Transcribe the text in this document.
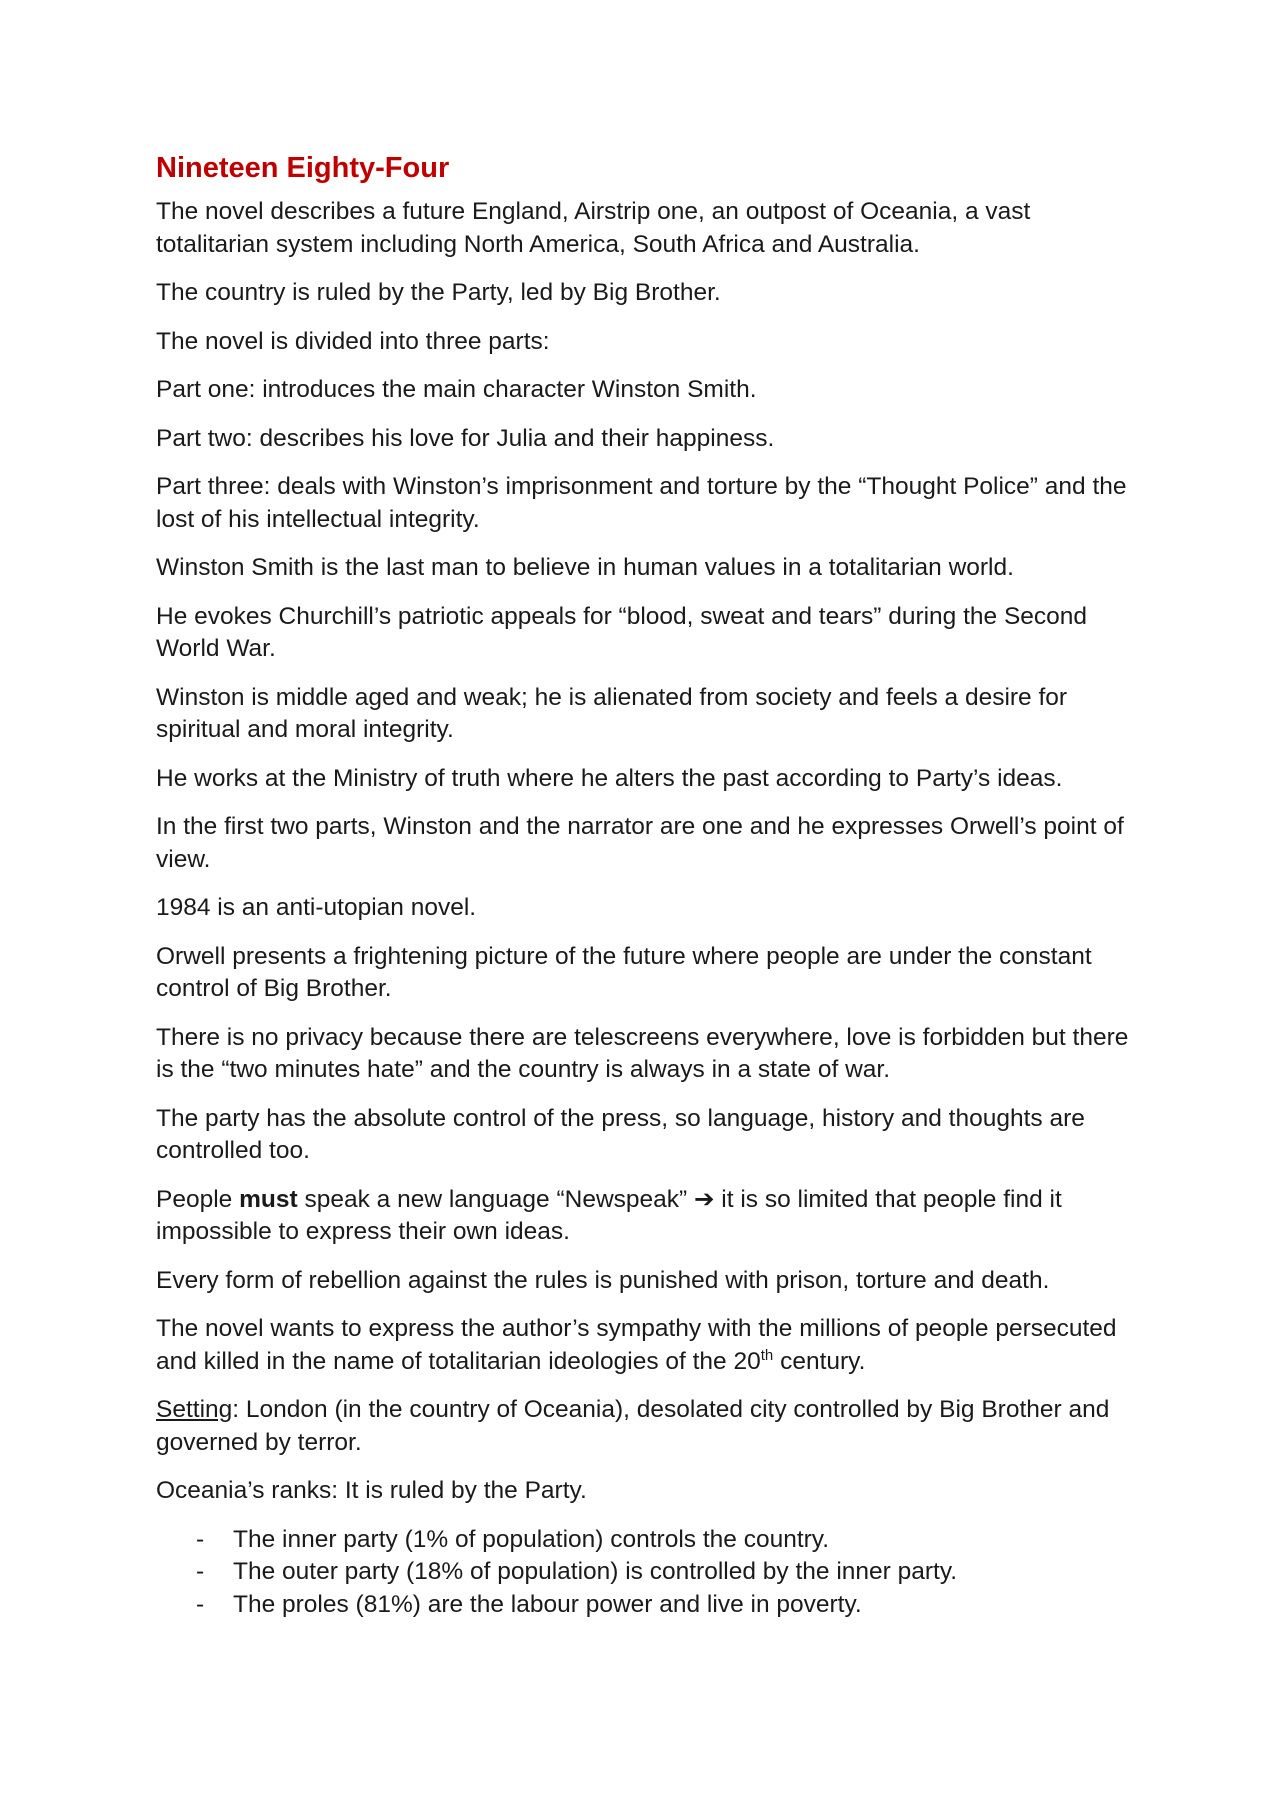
Nineteen Eighty-Four

The novel describes a future England, Airstrip one, an outpost of Oceania, a vast totalitarian system including North America, South Africa and Australia.

The country is ruled by the Party, led by Big Brother.

The novel is divided into three parts:

Part one: introduces the main character Winston Smith.

Part two: describes his love for Julia and their happiness.

Part three: deals with Winston’s imprisonment and torture by the “Thought Police” and the lost of his intellectual integrity.

Winston Smith is the last man to believe in human values in a totalitarian world.

He evokes Churchill’s patriotic appeals for “blood, sweat and tears” during the Second World War.

Winston is middle aged and weak; he is alienated from society and feels a desire for spiritual and moral integrity.

He works at the Ministry of truth where he alters the past according to Party’s ideas.

In the first two parts, Winston and the narrator are one and he expresses Orwell’s point of view.

1984 is an anti-utopian novel.

Orwell presents a frightening picture of the future where people are under the constant control of Big Brother.

There is no privacy because there are telescreens everywhere, love is forbidden but there is the “two minutes hate” and the country is always in a state of war.

The party has the absolute control of the press, so language, history and thoughts are controlled too.

People must speak a new language “Newspeak” ➔ it is so limited that people find it impossible to express their own ideas.

Every form of rebellion against the rules is punished with prison, torture and death.

The novel wants to express the author’s sympathy with the millions of people persecuted and killed in the name of totalitarian ideologies of the 20th century.

Setting: London (in the country of Oceania), desolated city controlled by Big Brother and governed by terror.

Oceania’s ranks: It is ruled by the Party.

- The inner party (1% of population) controls the country.
- The outer party (18% of population) is controlled by the inner party.
- The proles (81%) are the labour power and live in poverty.
